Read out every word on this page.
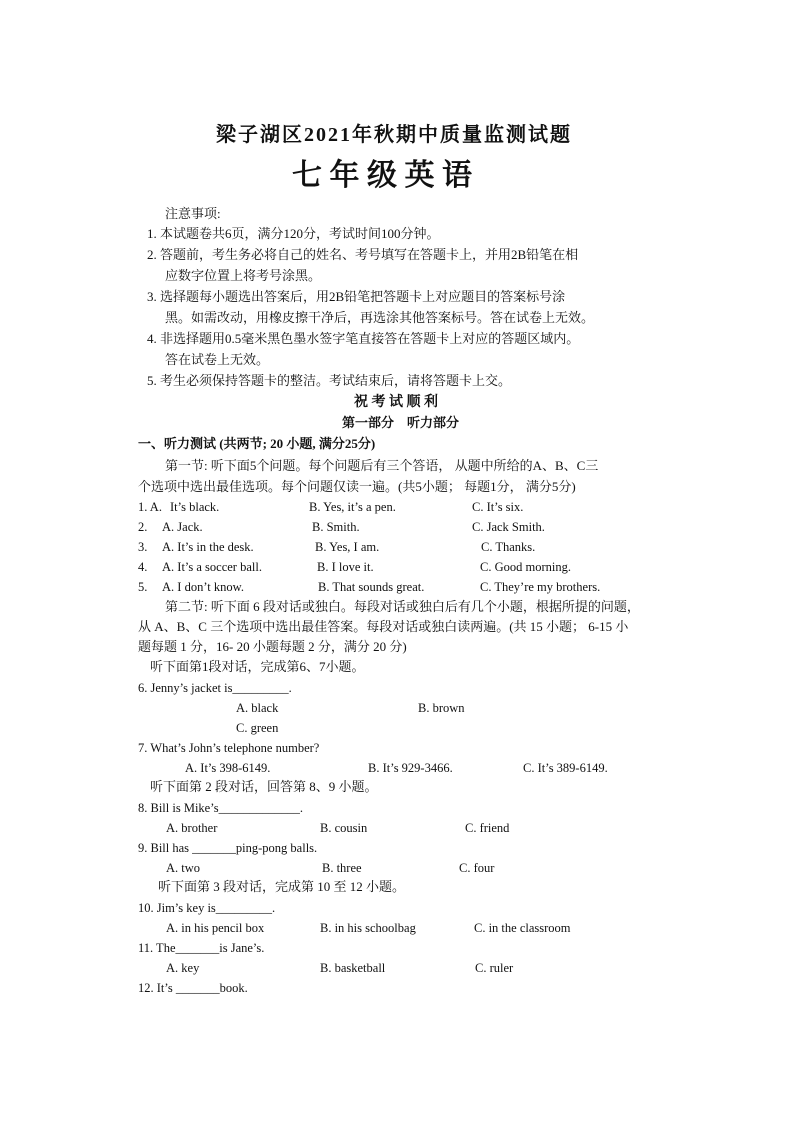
梁子湖区2021年秋期中质量监测试题
七 年 级 英 语
注意事项:
1. 本试题卷共6页，满分120分，考试时间100分钟。
2. 答题前，考生务必将自己的姓名、考号填写在答题卡上，并用2B铅笔在相
应数字位置上将考号涂黑。
3. 选择题每小题选出答案后，用2B铅笔把答题卡上对应题目的答案标号涂
黑。如需改动，用橡皮擦干净后，再选涂其他答案标号。答在试卷上无效。
4. 非选择题用0.5毫米黑色墨水签字笔直接答在答题卡上对应的答题区域内。
答在试卷上无效。
5. 考生必须保持答题卡的整洁。考试结束后，请将答题卡上交。
祝 考 试 顺 利
第一部分　听力部分
一、听力测试 (共两节; 20 小题, 满分25分)
第一节: 听下面5个问题。每个问题后有三个答语， 从题中所给的A、B、C三
个选项中选出最佳选项。每个问题仅读一遍。(共5小题； 每题1分， 满分5分)
1. A. It’s black.	B. Yes, it’s a pen.	C. It’s six.
2. A. Jack.	B. Smith.	C. Jack Smith.
3. A. It’s in the desk.	B. Yes, I am.	C. Thanks.
4. A. It’s a soccer ball.	B. I love it.	C. Good morning.
5. A. I don’t know.	B. That sounds great.	C. They’re my brothers.
第二节: 听下面 6 段对话或独白。每段对话或独白后有几个小题，根据所提的问题，
从 A、B、C 三个选项中选出最佳答案。每段对话或独白读两遍。(共 15 小题； 6-15 小
题每题 1 分，16- 20 小题每题 2 分，满分 20 分)
听下面第1段对话，完成第6、7小题。
6. Jenny’s jacket is_________.
A. black	B. brown
C. green
7. What’s John’s telephone number?
A. It’s 398-6149.	B. It’s 929-3466.	C. It’s 389-6149.
听下面第 2 段对话，回答第 8、9 小题。
8. Bill is Mike’s_____________.
A. brother	B. cousin	C. friend
9. Bill has _______ping-pong balls.
A. two	B. three	C. four
听下面第 3 段对话，完成第 10 至 12 小题。
10. Jim’s key is_________.
A. in his pencil box	B. in his schoolbag	C. in the classroom
11. The_______is Jane’s.
A. key	B. basketball	C. ruler
12. It’s _______book.
